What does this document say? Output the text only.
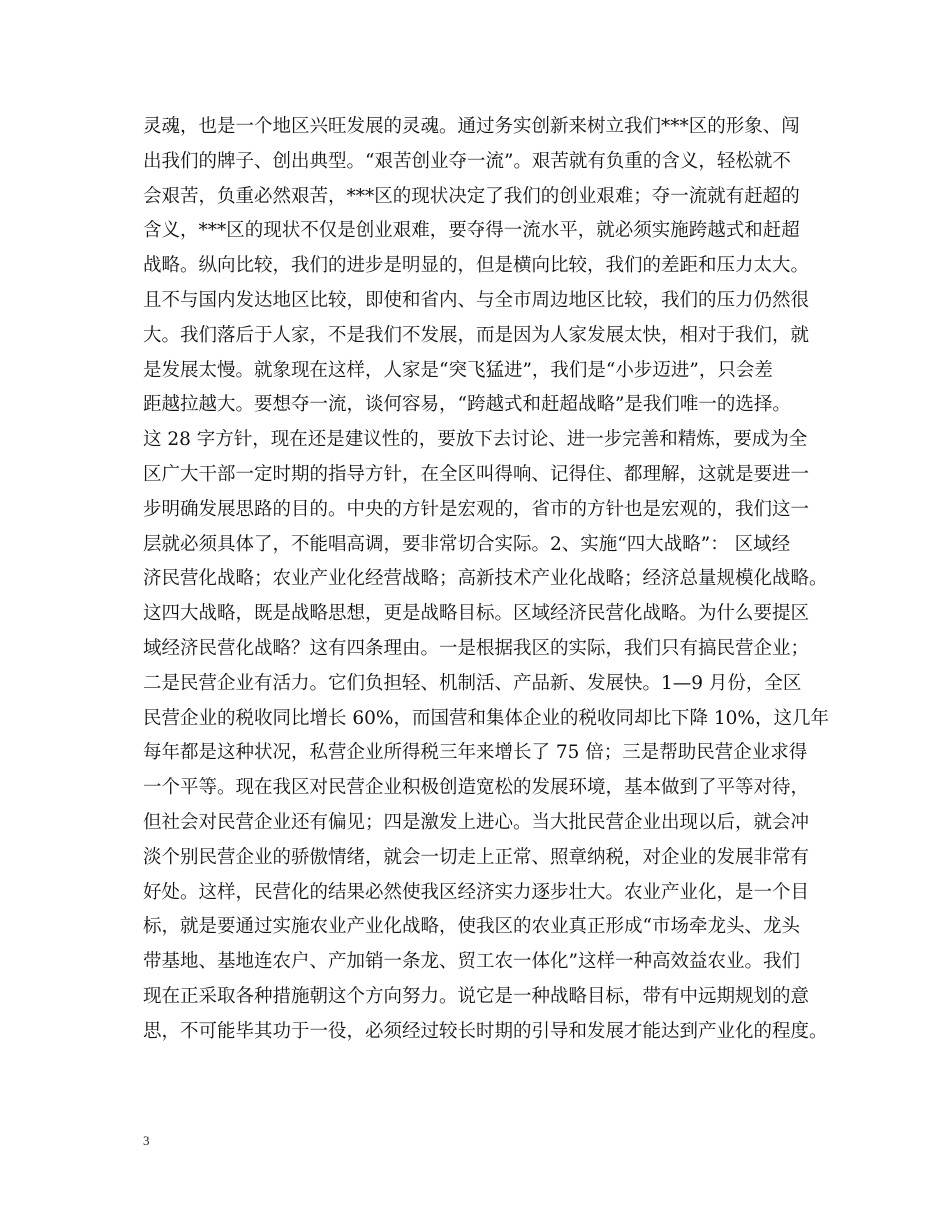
灵魂，也是一个地区兴旺发展的灵魂。通过务实创新来树立我们***区的形象、闯
出我们的牌子、创出典型。“艰苦创业夺一流”。艰苦就有负重的含义，轻松就不
会艰苦，负重必然艰苦，***区的现状决定了我们的创业艰难；夺一流就有赶超的
含义，***区的现状不仅是创业艰难，要夺得一流水平，就必须实施跨越式和赶超
战略。纵向比较，我们的进步是明显的，但是横向比较，我们的差距和压力太大。
且不与国内发达地区比较，即使和省内、与全市周边地区比较，我们的压力仍然很
大。我们落后于人家，不是我们不发展，而是因为人家发展太快，相对于我们，就
是发展太慢。就象现在这样，人家是“突飞猛进”，我们是“小步迈进”，只会差
距越拉越大。要想夺一流，谈何容易，“跨越式和赶超战略”是我们唯一的选择。
这 28 字方针，现在还是建议性的，要放下去讨论、进一步完善和精炼，要成为全
区广大干部一定时期的指导方针，在全区叫得响、记得住、都理解，这就是要进一
步明确发展思路的目的。中央的方针是宏观的，省市的方针也是宏观的，我们这一
层就必须具体了，不能唱高调，要非常切合实际。2、实施“四大战略”： 区域经
济民营化战略；农业产业化经营战略；高新技术产业化战略；经济总量规模化战略。
这四大战略，既是战略思想，更是战略目标。区域经济民营化战略。为什么要提区
域经济民营化战略？这有四条理由。一是根据我区的实际，我们只有搞民营企业；
二是民营企业有活力。它们负担轻、机制活、产品新、发展快。1—9 月份，全区
民营企业的税收同比增长 60%，而国营和集体企业的税收同却比下降 10%，这几年
每年都是这种状况，私营企业所得税三年来增长了 75 倍；三是帮助民营企业求得
一个平等。现在我区对民营企业积极创造宽松的发展环境，基本做到了平等对待，
但社会对民营企业还有偏见；四是激发上进心。当大批民营企业出现以后，就会冲
淡个别民营企业的骄傲情绪，就会一切走上正常、照章纳税，对企业的发展非常有
好处。这样，民营化的结果必然使我区经济实力逐步壮大。农业产业化，是一个目
标，就是要通过实施农业产业化战略，使我区的农业真正形成“市场牵龙头、龙头
带基地、基地连农户、产加销一条龙、贸工农一体化”这样一种高效益农业。我们
现在正采取各种措施朝这个方向努力。说它是一种战略目标，带有中远期规划的意
思，不可能毕其功于一役，必须经过较长时期的引导和发展才能达到产业化的程度。
3
